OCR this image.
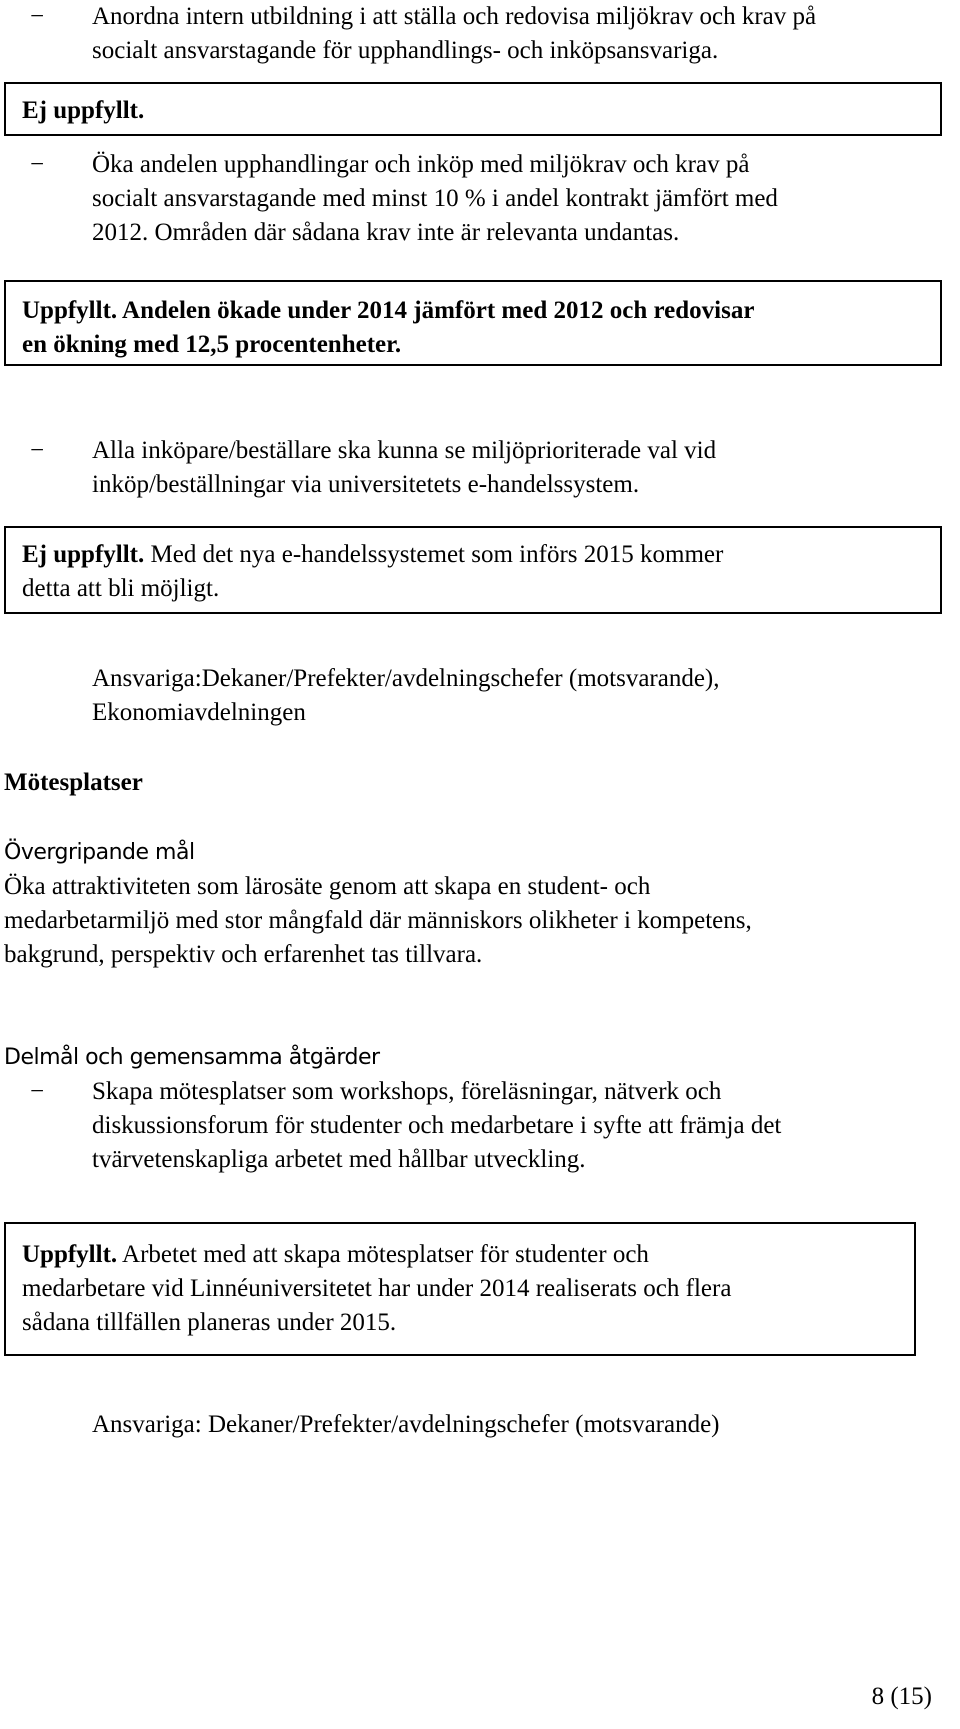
− Anordna intern utbildning i att ställa och redovisa miljökrav och krav på

socialt ansvarstagande för upphandlings- och inköpsansvariga.

Ej uppfyllt.

− Öka andelen upphandlingar och inköp med miljökrav och krav på

socialt ansvarstagande med minst 10 % i andel kontrakt jämfört med

2012. Områden där sådana krav inte är relevanta undantas.

Uppfyllt. Andelen ökade under 2014 jämfört med 2012 och redovisar

en ökning med 12,5 procentenheter.

− Alla inköpare/beställare ska kunna se miljöprioriterade val vid

inköp/beställningar via universitetets e-handelssystem.

Ej uppfyllt. Med det nya e-handelssystemet som införs 2015 kommer

detta att bli möjligt.

Ansvariga:Dekaner/Prefekter/avdelningschefer (motsvarande),

Ekonomiavdelningen

Mötesplatser
Övergripande mål

Öka attraktiviteten som lärosäte genom att skapa en student- och

medarbetarmiljö med stor mångfald där människors olikheter i kompetens,

bakgrund, perspektiv och erfarenhet tas tillvara.

Delmål och gemensamma åtgärder
− Skapa mötesplatser som workshops, föreläsningar, nätverk och

diskussionsforum för studenter och medarbetare i syfte att främja det

tvärvetenskapliga arbetet med hållbar utveckling.

Uppfyllt. Arbetet med att skapa mötesplatser för studenter och

medarbetare vid Linnéuniversitetet har under 2014 realiserats och flera

sådana tillfällen planeras under 2015.

Ansvariga: Dekaner/Prefekter/avdelningschefer (motsvarande)
8 (15)
